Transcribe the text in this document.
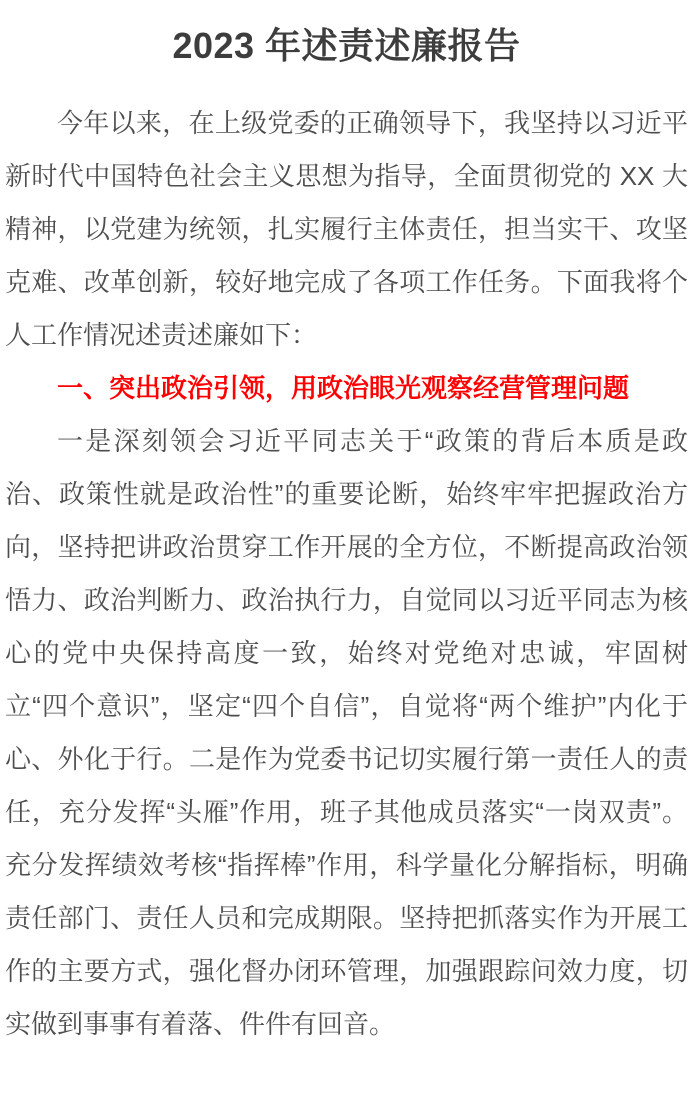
2023 年述责述廉报告

今年以来，在上级党委的正确领导下，我坚持以习近平新时代中国特色社会主义思想为指导，全面贯彻党的 XX 大精神，以党建为统领，扎实履行主体责任，担当实干、攻坚克难、改革创新，较好地完成了各项工作任务。下面我将个人工作情况述责述廉如下：

一、突出政治引领，用政治眼光观察经营管理问题

一是深刻领会习近平同志关于“政策的背后本质是政治、政策性就是政治性”的重要论断，始终牢牢把握政治方向，坚持把讲政治贯穿工作开展的全方位，不断提高政治领悟力、政治判断力、政治执行力，自觉同以习近平同志为核心的党中央保持高度一致，始终对党绝对忠诚，牢固树立“四个意识”，坚定“四个自信”，自觉将“两个维护”内化于心、外化于行。二是作为党委书记切实履行第一责任人的责任，充分发挥“头雁”作用，班子其他成员落实“一岗双责”。充分发挥绩效考核“指挥棒”作用，科学量化分解指标，明确责任部门、责任人员和完成期限。坚持把抓落实作为开展工作的主要方式，强化督办闭环管理，加强跟踪问效力度，切实做到事事有着落、件件有回音。
